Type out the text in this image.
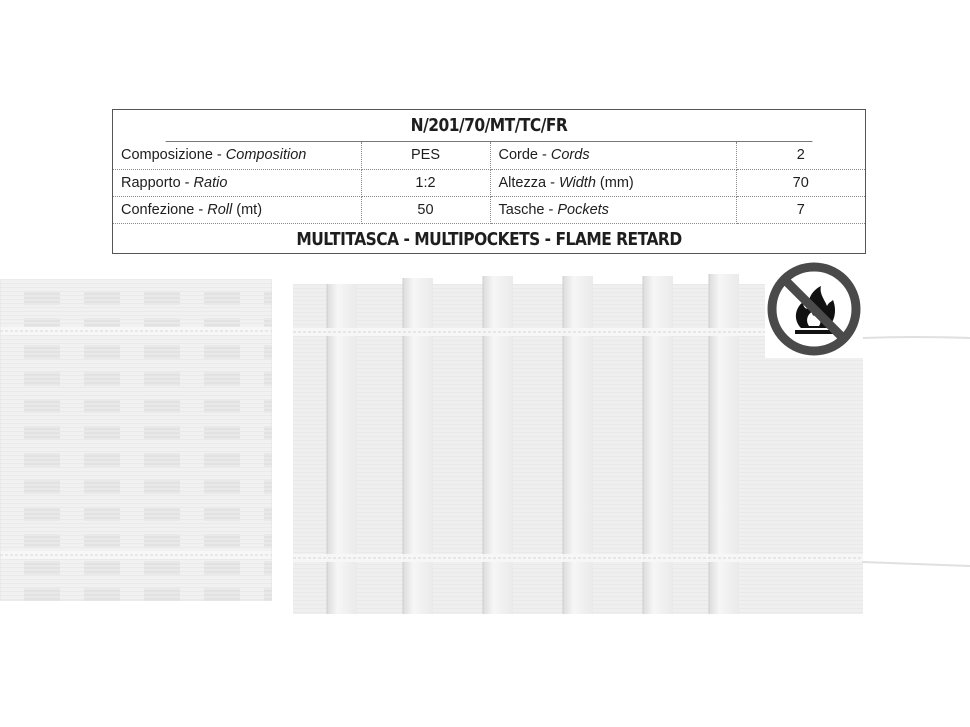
N/201/70/MT/TC/FR
Composizione - Composition	PES	Corde - Cords	2
Rapporto - Ratio	1:2	Altezza - Width (mm)	70
Confezione - Roll (mt)	50	Tasche - Pockets	7
MULTITASCA - MULTIPOCKETS - FLAME RETARD
